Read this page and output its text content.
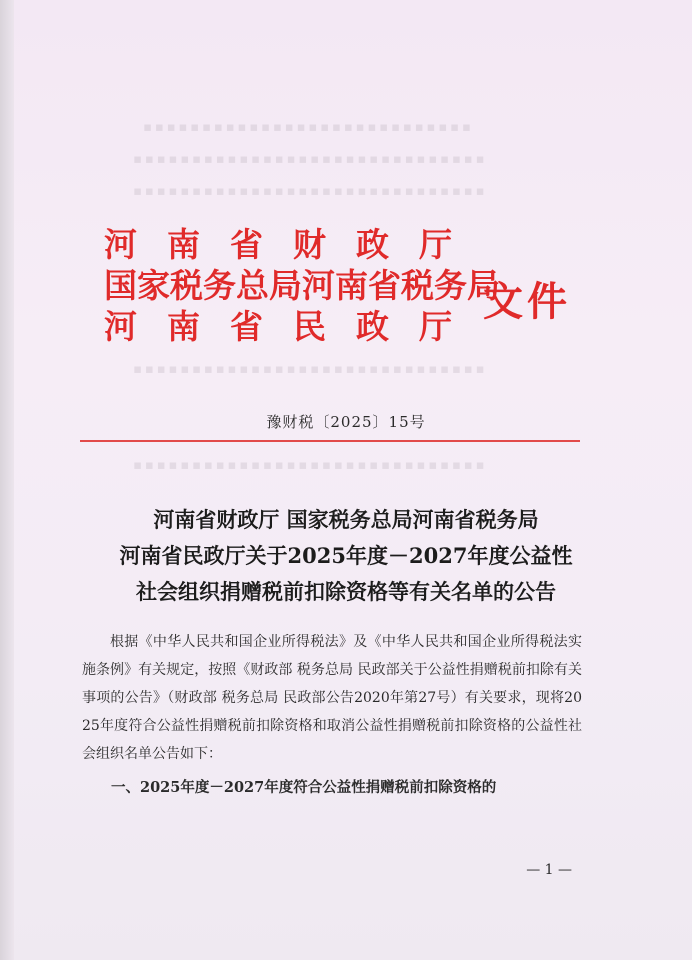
▪▪▪▪▪▪▪▪▪▪▪▪▪▪▪▪▪▪▪▪▪▪▪▪▪▪▪▪
▪▪▪▪▪▪▪▪▪▪▪▪▪▪▪▪▪▪▪▪▪▪▪▪▪▪▪▪▪▪
▪▪▪▪▪▪▪▪▪▪▪▪▪▪▪▪▪▪▪▪▪▪▪▪▪▪▪▪▪▪
▪▪▪▪▪▪▪▪▪▪▪▪▪▪▪▪▪▪▪▪▪▪▪▪▪▪▪▪▪▪
▪▪▪▪▪▪▪▪▪▪▪▪▪▪▪▪▪▪▪▪▪▪▪▪▪▪▪▪▪▪
河南省财政厅
国家税务总局河南省税务局
河南省民政厅
文件
豫财税〔2025〕15号
河南省财政厅 国家税务总局河南省税务局
河南省民政厅关于2025年度－2027年度公益性
社会组织捐赠税前扣除资格等有关名单的公告

根据《中华人民共和国企业所得税法》及《中华人民共和国企业所得税法实施条例》有关规定，按照《财政部 税务总局 民政部关于公益性捐赠税前扣除有关事项的公告》（财政部 税务总局 民政部公告2020年第27号）有关要求，现将2025年度符合公益性捐赠税前扣除资格和取消公益性捐赠税前扣除资格的公益性社会组织名单公告如下：

一、2025年度－2027年度符合公益性捐赠税前扣除资格的

— 1 —
